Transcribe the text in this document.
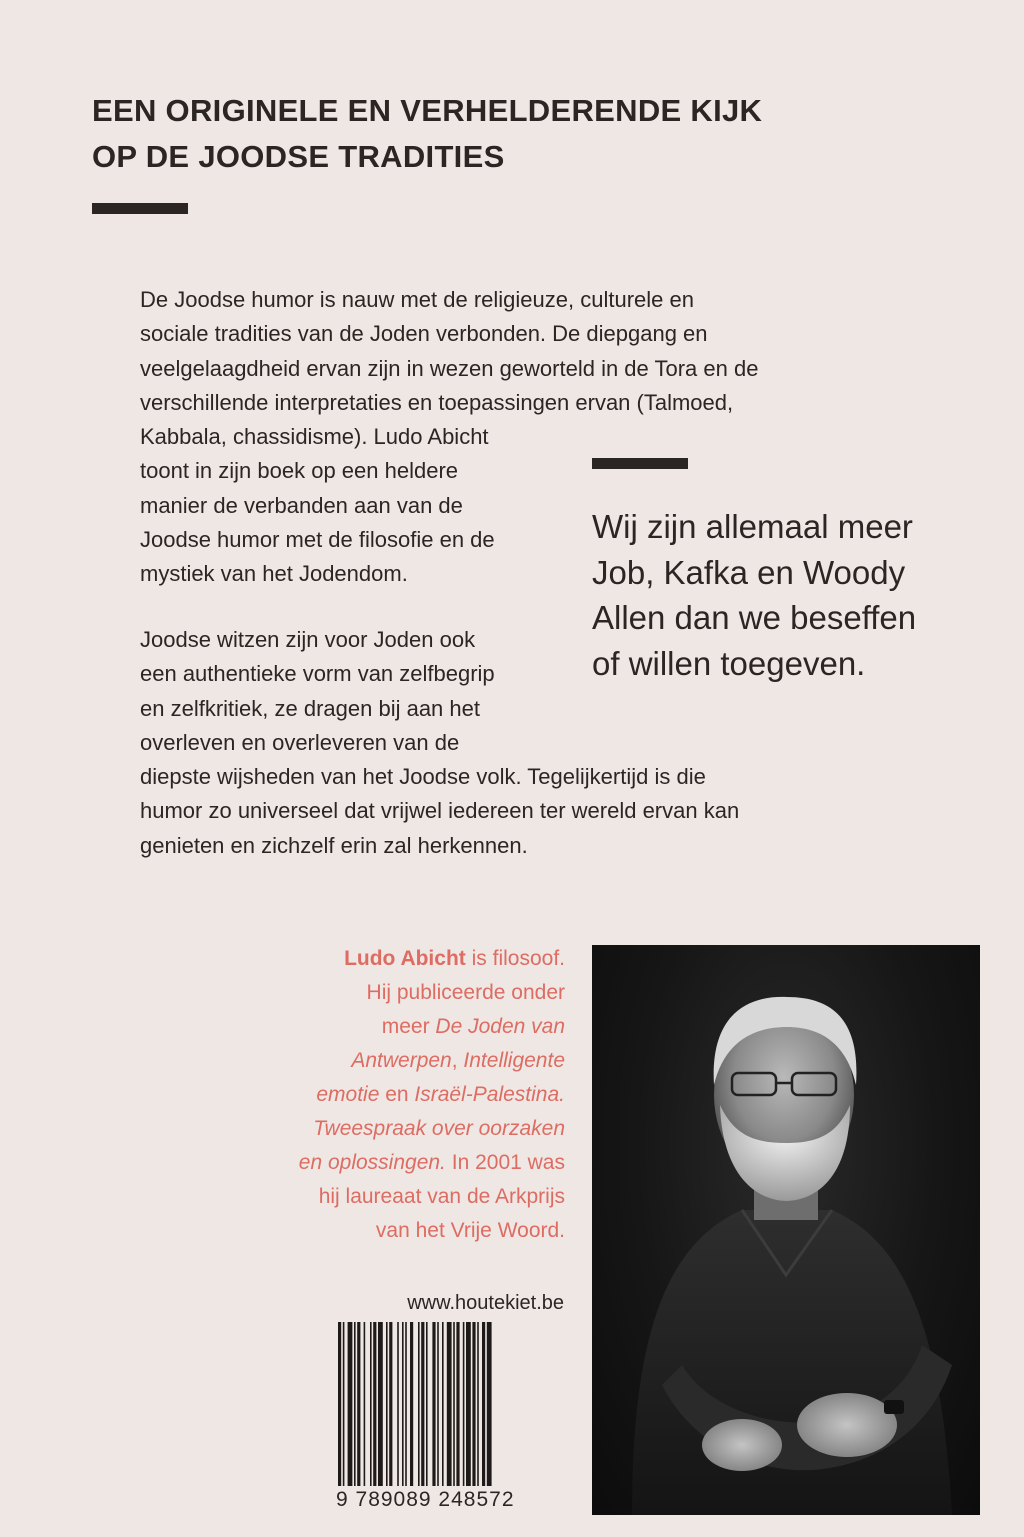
EEN ORIGINELE EN VERHELDERENDE KIJK
OP DE JOODSE TRADITIES
De Joodse humor is nauw met de religieuze, culturele en
sociale tradities van de Joden verbonden. De diepgang en
veelgelaagdheid ervan zijn in wezen geworteld in de Tora en de
verschillende interpretaties en toepassingen ervan (Talmoed,
Kabbala, chassidisme). Ludo Abicht
toont in zijn boek op een heldere
manier de verbanden aan van de
Joodse humor met de filosofie en de
mystiek van het Jodendom.
Joodse witzen zijn voor Joden ook
een authentieke vorm van zelfbegrip
en zelfkritiek, ze dragen bij aan het
overleven en overleveren van de
diepste wijsheden van het Joodse volk. Tegelijkertijd is die
humor zo universeel dat vrijwel iedereen ter wereld ervan kan
genieten en zichzelf erin zal herkennen.
Wij zijn allemaal meer
Job, Kafka en Woody
Allen dan we beseffen
of willen toegeven.
Ludo Abicht is filosoof.
Hij publiceerde onder
meer De Joden van
Antwerpen, Intelligente
emotie en Israël-Palestina.
Tweespraak over oorzaken
en oplossingen. In 2001 was
hij laureaat van de Arkprijs
van het Vrije Woord.
www.houtekiet.be
9 789089 248572
